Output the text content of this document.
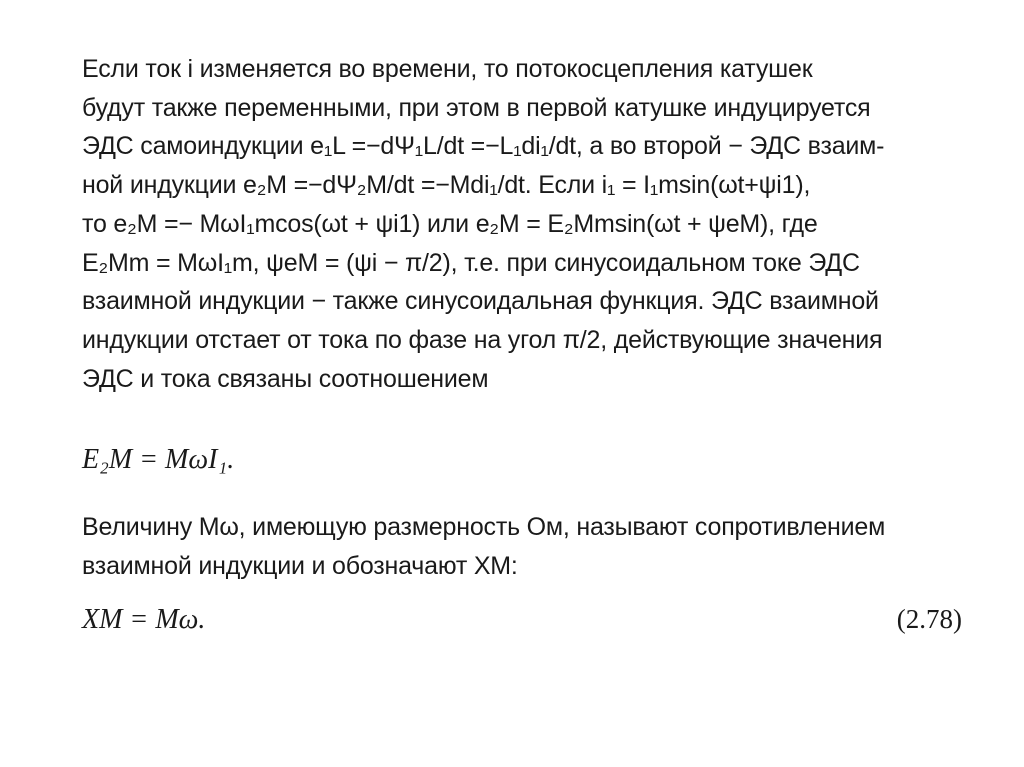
Если ток i изменяется во времени, то потокосцепления катушек
будут также переменными, при этом в первой катушке индуцируется
ЭДС самоиндукции e₁L =−dΨ₁L/dt =−L₁di₁/dt, а во второй − ЭДС взаим-
ной индукции e₂М =−dΨ₂М/dt =−Mdi₁/dt. Если i₁ = I₁msin(ωt+ψi1),
то e₂М =− MωI₁mcos(ωt + ψi1) или e₂М = E₂Мmsin(ωt + ψeМ), где
E₂Мm = MωI₁m, ψeМ = (ψi − π/2), т.е. при синусоидальном токе ЭДС
взаимной индукции − также синусоидальная функция. ЭДС взаимной
индукции отстает от тока по фазе на угол π/2, действующие значения
ЭДС и тока связаны соотношением
E₂М = MωI₁.
Величину Mω, имеющую размерность Ом, называют сопротивлением
взаимной индукции и обозначают XМ:
XМ = Mω.	(2.78)
